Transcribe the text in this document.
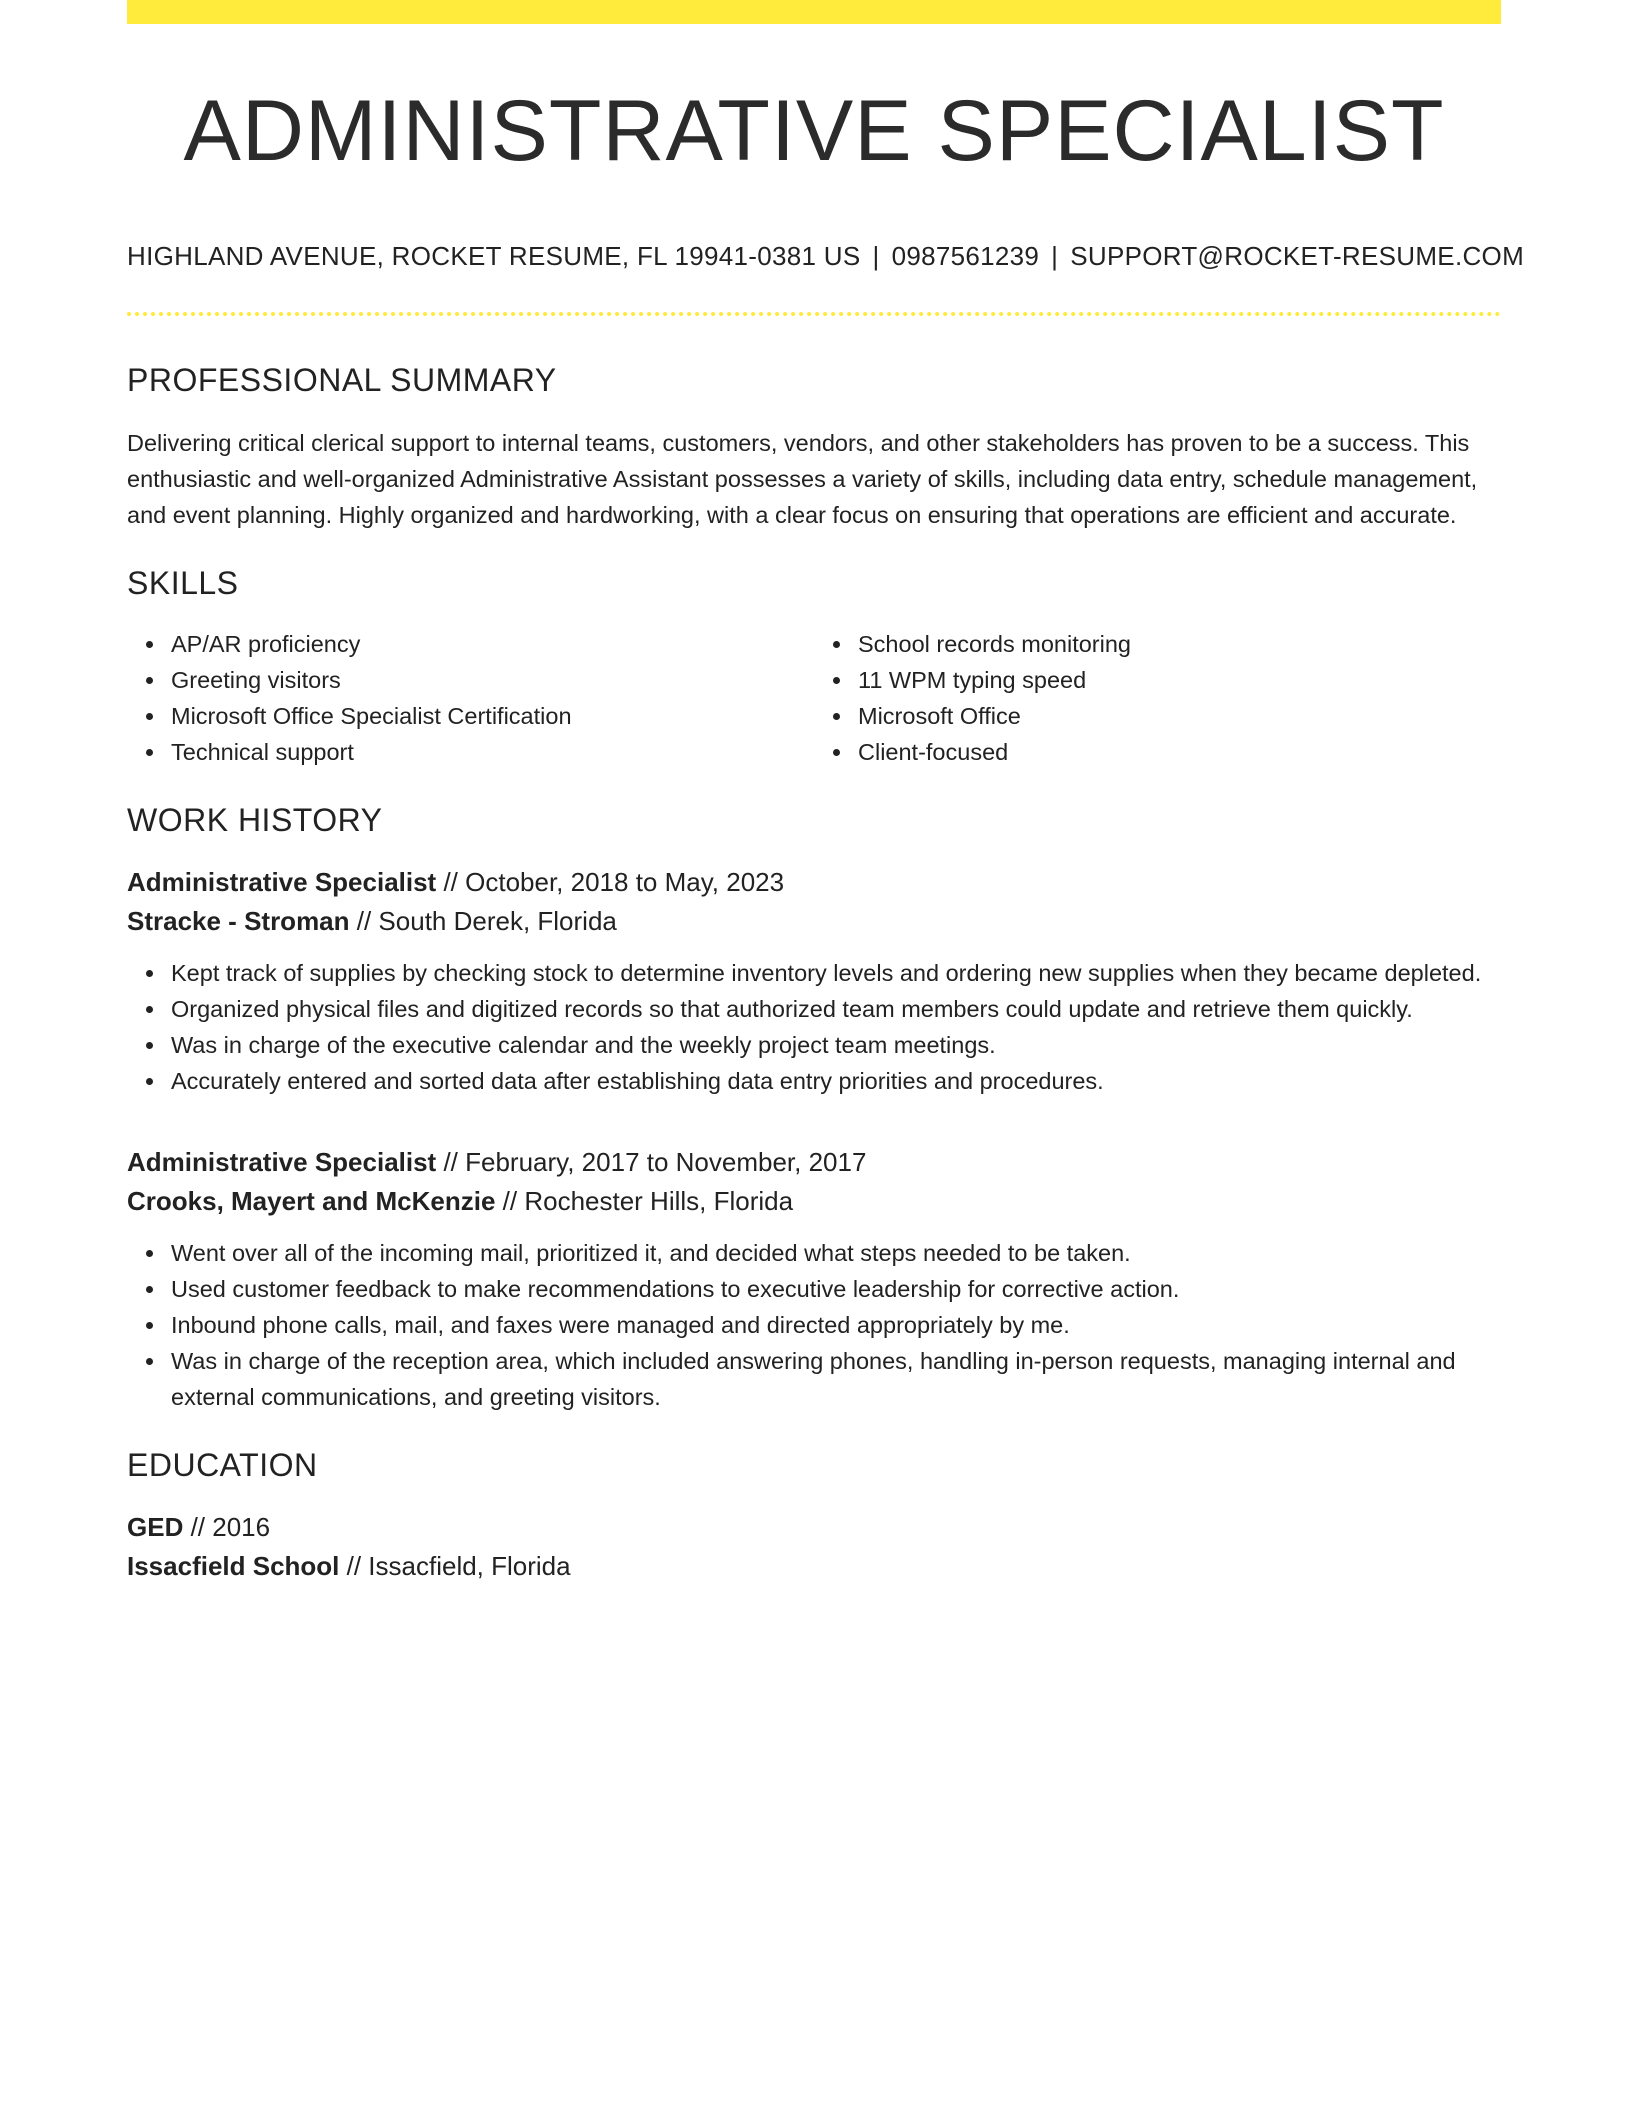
ADMINISTRATIVE SPECIALIST
HIGHLAND AVENUE, ROCKET RESUME, FL 19941-0381 US | 0987561239 | SUPPORT@ROCKET-RESUME.COM
PROFESSIONAL SUMMARY

Delivering critical clerical support to internal teams, customers, vendors, and other stakeholders has proven to be a success. This enthusiastic and well-organized Administrative Assistant possesses a variety of skills, including data entry, schedule management, and event planning. Highly organized and hardworking, with a clear focus on ensuring that operations are efficient and accurate.

SKILLS
AP/AR proficiency
Greeting visitors
Microsoft Office Specialist Certification
Technical support
School records monitoring
11 WPM typing speed
Microsoft Office
Client-focused
WORK HISTORY
Administrative Specialist // October, 2018 to May, 2023
Stracke - Stroman // South Derek, Florida
Kept track of supplies by checking stock to determine inventory levels and ordering new supplies when they became depleted.
Organized physical files and digitized records so that authorized team members could update and retrieve them quickly.
Was in charge of the executive calendar and the weekly project team meetings.
Accurately entered and sorted data after establishing data entry priorities and procedures.
Administrative Specialist // February, 2017 to November, 2017
Crooks, Mayert and McKenzie // Rochester Hills, Florida
Went over all of the incoming mail, prioritized it, and decided what steps needed to be taken.
Used customer feedback to make recommendations to executive leadership for corrective action.
Inbound phone calls, mail, and faxes were managed and directed appropriately by me.
Was in charge of the reception area, which included answering phones, handling in-person requests, managing internal and external communications, and greeting visitors.
EDUCATION
GED // 2016
Issacfield School // Issacfield, Florida
